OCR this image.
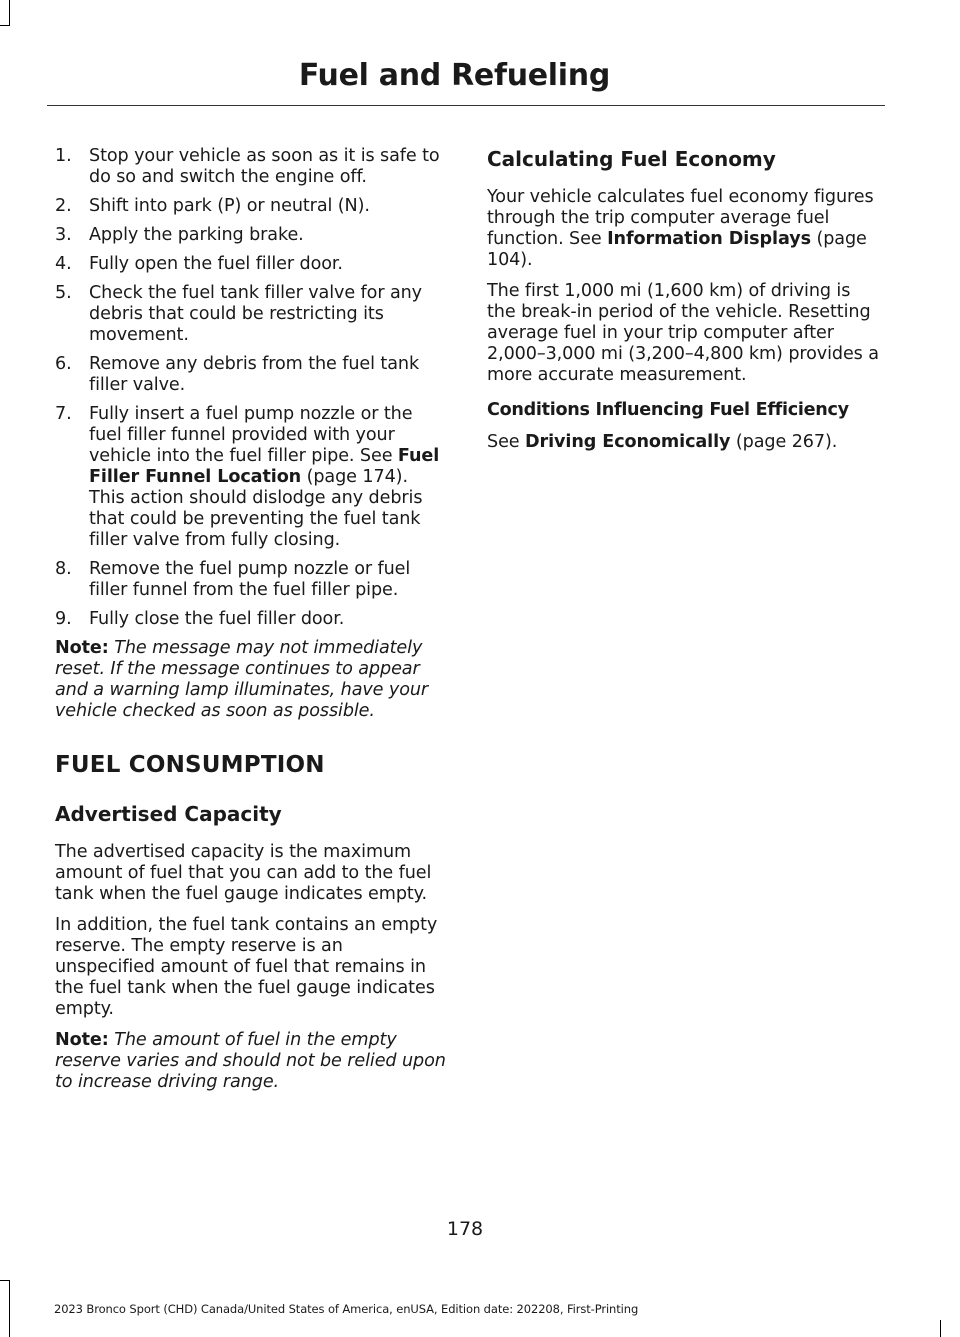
Fuel and Refueling
1. Stop your vehicle as soon as it is safe to do so and switch the engine off.
2. Shift into park (P) or neutral (N).
3. Apply the parking brake.
4. Fully open the fuel filler door.
5. Check the fuel tank filler valve for any debris that could be restricting its movement.
6. Remove any debris from the fuel tank filler valve.
7. Fully insert a fuel pump nozzle or the fuel filler funnel provided with your vehicle into the fuel filler pipe. See Fuel Filler Funnel Location (page 174). This action should dislodge any debris that could be preventing the fuel tank filler valve from fully closing.
8. Remove the fuel pump nozzle or fuel filler funnel from the fuel filler pipe.
9. Fully close the fuel filler door.

Note: The message may not immediately reset. If the message continues to appear and a warning lamp illuminates, have your vehicle checked as soon as possible.

FUEL CONSUMPTION
Advertised Capacity

The advertised capacity is the maximum amount of fuel that you can add to the fuel tank when the fuel gauge indicates empty.

In addition, the fuel tank contains an empty reserve. The empty reserve is an unspecified amount of fuel that remains in the fuel tank when the fuel gauge indicates empty.

Note: The amount of fuel in the empty reserve varies and should not be relied upon to increase driving range.

Calculating Fuel Economy

Your vehicle calculates fuel economy figures through the trip computer average fuel function. See Information Displays (page 104).

The first 1,000 mi (1,600 km) of driving is the break-in period of the vehicle. Resetting average fuel in your trip computer after 2,000–3,000 mi (3,200–4,800 km) provides a more accurate measurement.

Conditions Influencing Fuel Efficiency

See Driving Economically (page 267).

178
2023 Bronco Sport (CHD) Canada/United States of America, enUSA, Edition date: 202208, First-Printing
